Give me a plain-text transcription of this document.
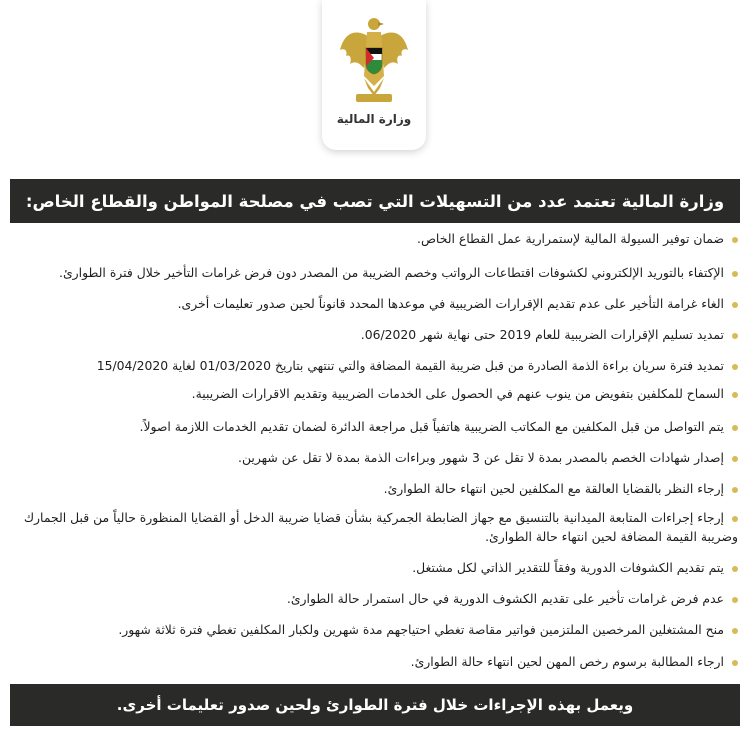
وزارة المالية
وزارة المالية تعتمد عدد من التسهيلات التي تصب في مصلحة المواطن والقطاع الخاص:
ضمان توفير السيولة المالية لإستمرارية عمل القطاع الخاص.
الإكتفاء بالتوريد الإلكتروني لكشوفات اقتطاعات الرواتب وخصم الضريبة من المصدر دون فرض غرامات التأخير خلال فترة الطوارئ.
الغاء غرامة التأخير على عدم تقديم الإقرارات الضريبية في موعدها المحدد قانوناً لحين صدور تعليمات أخرى.
تمديد تسليم الإقرارات الضريبية للعام 2019 حتى نهاية شهر 06/2020.
تمديد فترة سريان براءة الذمة الصادرة من قبل ضريبة القيمة المضافة والتي تنتهي بتاريخ 01/03/2020 لغاية 15/04/2020
السماح للمكلفين بتفويض من ينوب عنهم في الحصول على الخدمات الضريبية وتقديم الاقرارات الضريبية.
يتم التواصل من قبل المكلفين مع المكاتب الضريبية هاتفياً قبل مراجعة الدائرة لضمان تقديم الخدمات اللازمة اصولاً.
إصدار شهادات الخصم بالمصدر بمدة لا تقل عن 3 شهور وبراءات الذمة بمدة لا تقل عن شهرين.
إرجاء النظر بالقضايا العالقة مع المكلفين لحين انتهاء حالة الطوارئ.
إرجاء إجراءات المتابعة الميدانية بالتنسيق مع جهاز الضابطة الجمركية بشأن قضايا ضريبة الدخل أو القضايا المنظورة حالياً من قبل الجمارك وضريبة القيمة المضافة لحين انتهاء حالة الطوارئ.
يتم تقديم الكشوفات الدورية وفقاً للتقدير الذاتي لكل مشتغل.
عدم فرض غرامات تأخير على تقديم الكشوف الدورية في حال استمرار حالة الطوارئ.
منح المشتغلين المرخصين الملتزمين فواتير مقاصة تغطي احتياجهم مدة شهرين ولكبار المكلفين تغطي فترة ثلاثة شهور.
ارجاء المطالبة برسوم رخص المهن لحين انتهاء حالة الطوارئ.
ويعمل بهذه الإجراءات خلال فترة الطوارئ ولحين صدور تعليمات أخرى.
